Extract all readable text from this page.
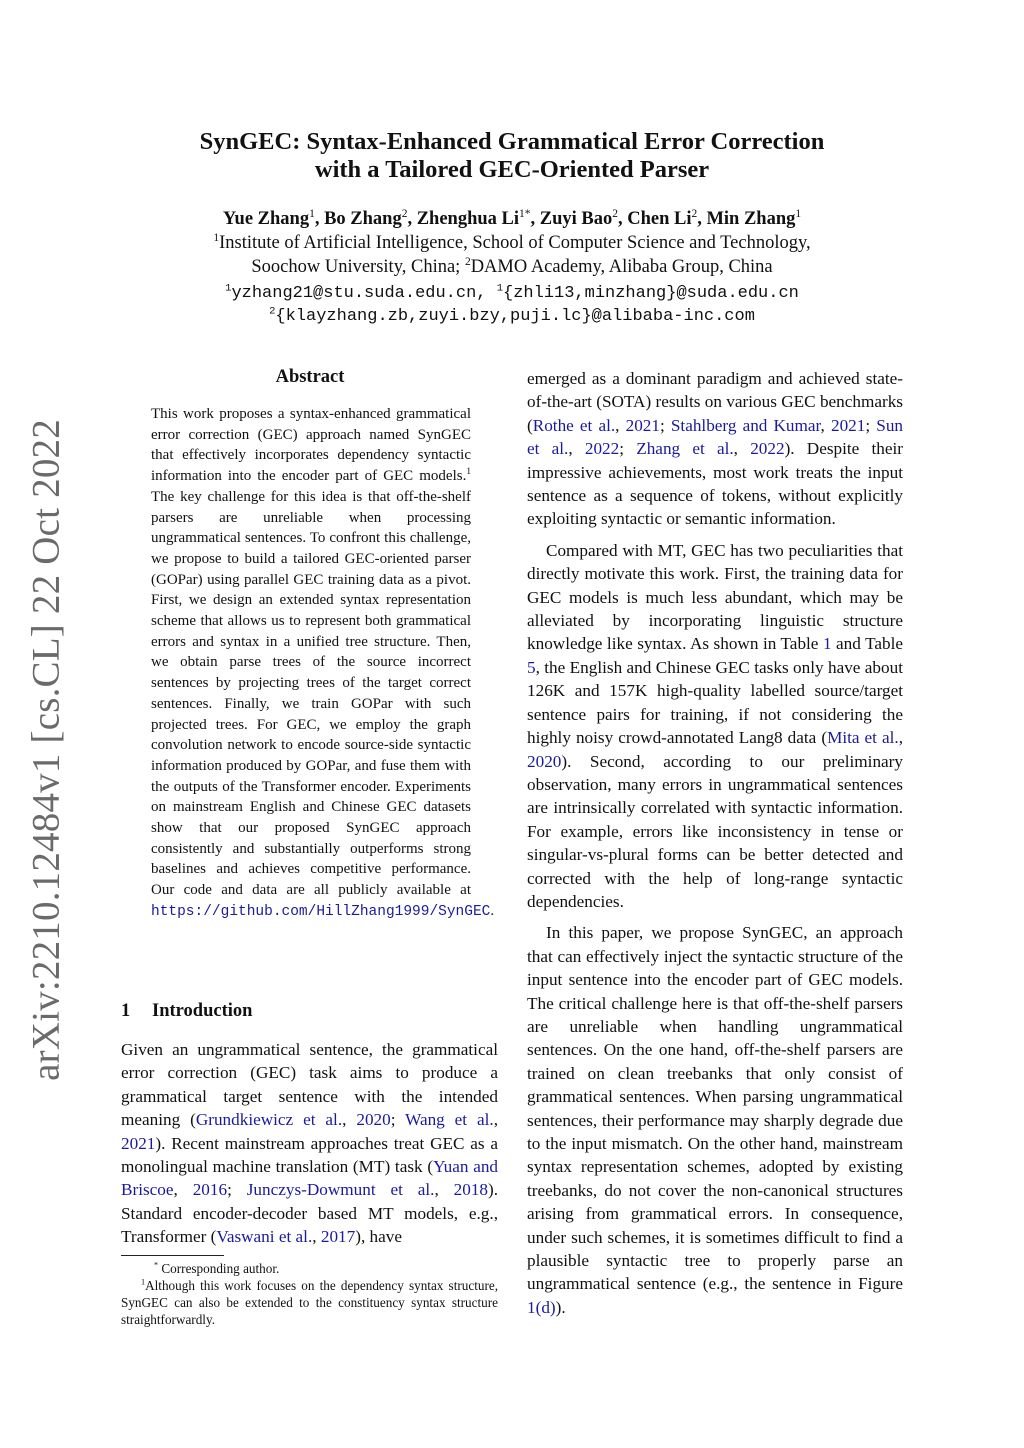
arXiv:2210.12484v1 [cs.CL] 22 Oct 2022
SynGEC: Syntax-Enhanced Grammatical Error Correction
with a Tailored GEC-Oriented Parser
Yue Zhang$^1$, Bo Zhang$^2$, Zhenghua $Li^{1*}$, Zuyi Bao$^2$, Chen Li$^2$, Min Zhang$^1$
$^1$Institute of Artificial Intelligence, School of Computer Science and Technology,
Soochow University, China; $^2$DAMO Academy, Alibaba Group, China
$^1$yzhang21@stu.suda.edu.cn, $^1${zhli13,minzhang}@suda.edu.cn
$^2${klayzhang.zb,zuyi.bzy,puji.lc}@alibaba-inc.com
Abstract
This work proposes a syntax-enhanced grammatical error correction (GEC) approach named SynGEC that effectively incorporates dependency syntactic information into the encoder part of GEC models.$^1$ The key challenge for this idea is that off-the-shelf parsers are unreliable when processing ungrammatical sentences. To confront this challenge, we propose to build a tailored GEC-oriented parser (GOPar) using parallel GEC training data as a pivot. First, we design an extended syntax representation scheme that allows us to represent both grammatical errors and syntax in a unified tree structure. Then, we obtain parse trees of the source incorrect sentences by projecting trees of the target correct sentences. Finally, we train GOPar with such projected trees. For GEC, we employ the graph convolution network to encode source-side syntactic information produced by GOPar, and fuse them with the outputs of the Transformer encoder. Experiments on mainstream English and Chinese GEC datasets show that our proposed SynGEC approach consistently and substantially outperforms strong baselines and achieves competitive performance. Our code and data are all publicly available at https://github.com/HillZhang1999/SynGEC.
1 Introduction
Given an ungrammatical sentence, the grammatical error correction (GEC) task aims to produce a grammatical target sentence with the intended meaning (Grundkiewicz et al., 2020; Wang et al., 2021). Recent mainstream approaches treat GEC as a monolingual machine translation (MT) task (Yuan and Briscoe, 2016; Junczys-Dowmunt et al., 2018). Standard encoder-decoder based MT models, e.g., Transformer (Vaswani et al., 2017), have

* Corresponding author.

$^1$Although this work focuses on the dependency syntax structure, SynGEC can also be extended to the constituency syntax structure straightforwardly.

emerged as a dominant paradigm and achieved state-of-the-art (SOTA) results on various GEC benchmarks (Rothe et al., 2021; Stahlberg and Kumar, 2021; Sun et al., 2022; Zhang et al., 2022). Despite their impressive achievements, most work treats the input sentence as a sequence of tokens, without explicitly exploiting syntactic or semantic information.

Compared with MT, GEC has two peculiarities that directly motivate this work. First, the training data for GEC models is much less abundant, which may be alleviated by incorporating linguistic structure knowledge like syntax. As shown in Table 1 and Table 5, the English and Chinese GEC tasks only have about 126K and 157K high-quality labelled source/target sentence pairs for training, if not considering the highly noisy crowd-annotated Lang8 data (Mita et al., 2020). Second, according to our preliminary observation, many errors in ungrammatical sentences are intrinsically correlated with syntactic information. For example, errors like inconsistency in tense or singular-vs-plural forms can be better detected and corrected with the help of long-range syntactic dependencies.

In this paper, we propose SynGEC, an approach that can effectively inject the syntactic structure of the input sentence into the encoder part of GEC models. The critical challenge here is that off-the-shelf parsers are unreliable when handling ungrammatical sentences. On the one hand, off-the-shelf parsers are trained on clean treebanks that only consist of grammatical sentences. When parsing ungrammatical sentences, their performance may sharply degrade due to the input mismatch. On the other hand, mainstream syntax representation schemes, adopted by existing treebanks, do not cover the non-canonical structures arising from grammatical errors. In consequence, under such schemes, it is sometimes difficult to find a plausible syntactic tree to properly parse an ungrammatical sentence (e.g., the sentence in Figure 1(d)).
